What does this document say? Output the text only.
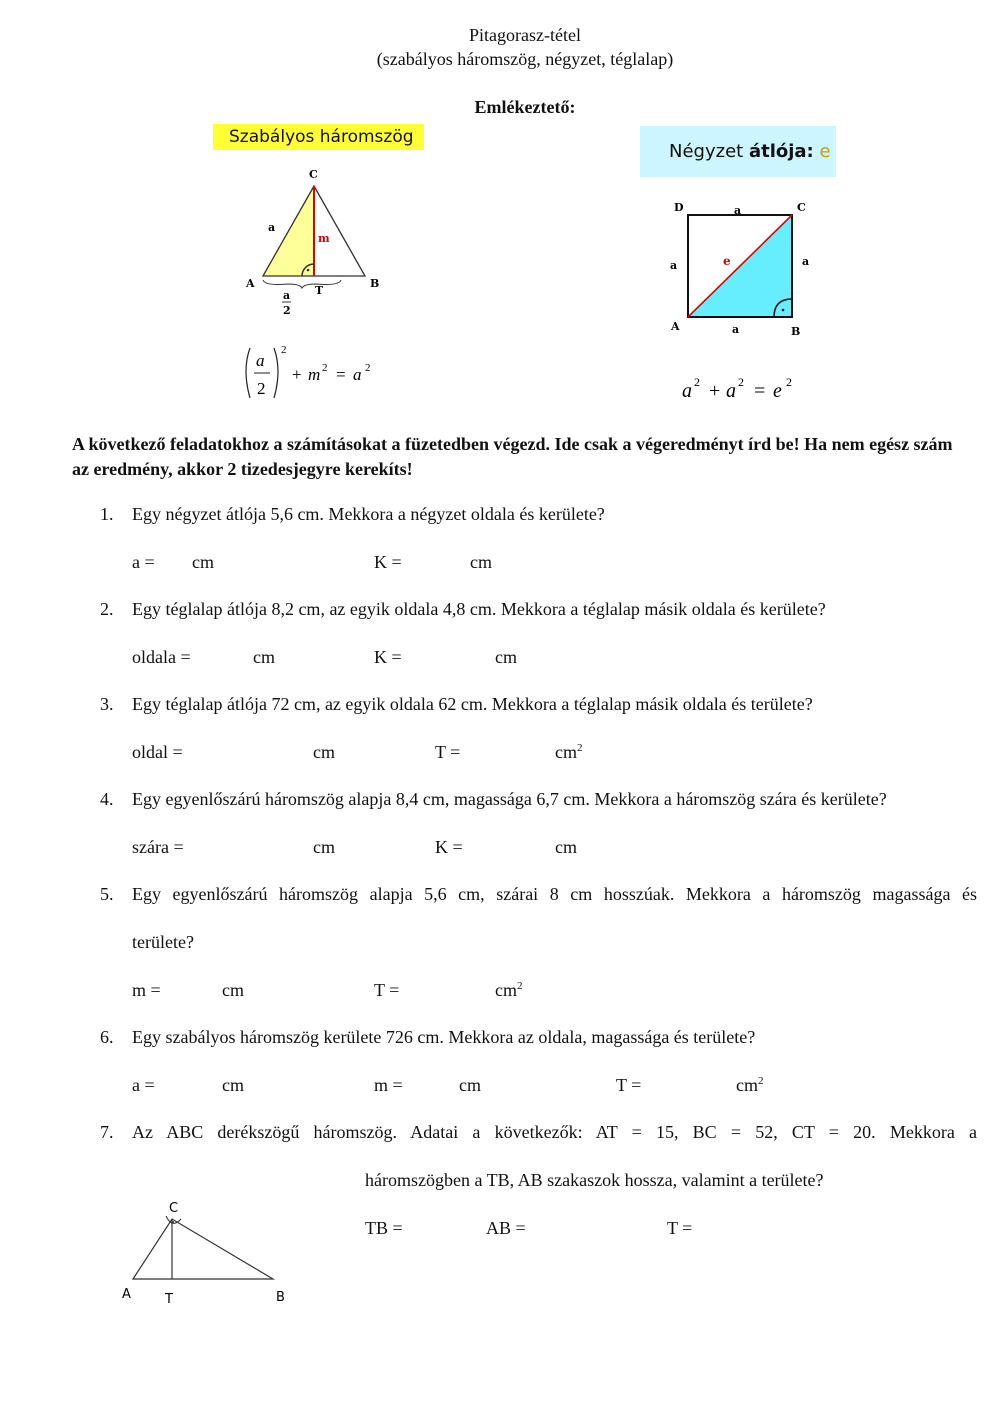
Pitagorasz-tétel
(szabályos háromszög, négyzet, téglalap)
Emlékeztető:
Szabályos háromszög
C
A	B
T
a
m
a
2
a
2
2
+ m 2 = a 2
Négyzet átlója: e
D	C
A	B
a
a	a
a
e
a 2 + a 2 = e 2
A következő feladatokhoz a számításokat a füzetedben végezd. Ide csak a végeredményt írd be! Ha nem egész szám az eredmény, akkor 2 tizedesjegyre kerekíts!
1.	Egy négyzet átlója 5,6 cm. Mekkora a négyzet oldala és kerülete?
a = cm	K =	cm
2.	Egy téglalap átlója 8,2 cm, az egyik oldala 4,8 cm. Mekkora a téglalap másik oldala és kerülete?
oldala =	cm	K =	cm
3.	Egy téglalap átlója 72 cm, az egyik oldala 62 cm. Mekkora a téglalap másik oldala és területe?
oldal =	cm	T =	$cm^2$
4.	Egy egyenlőszárú háromszög alapja 8,4 cm, magassága 6,7 cm. Mekkora a háromszög szára és kerülete?
szára =	cm	K =	cm
5.	Egy egyenlőszárú háromszög alapja 5,6 cm, szárai 8 cm hosszúak. Mekkora a háromszög magassága és
területe?
m =	cm	T =	$cm^2$
6.	Egy szabályos háromszög kerülete 726 cm. Mekkora az oldala, magassága és területe?
a =	cm	m =	cm	T =	$cm^2$
7.	Az ABC derékszögű háromszög. Adatai a következők: AT = 15, BC = 52, CT = 20. Mekkora a
háromszögben a TB, AB szakaszok hossza, valamint a területe?
TB =	AB =	T =
C
A	T	B
